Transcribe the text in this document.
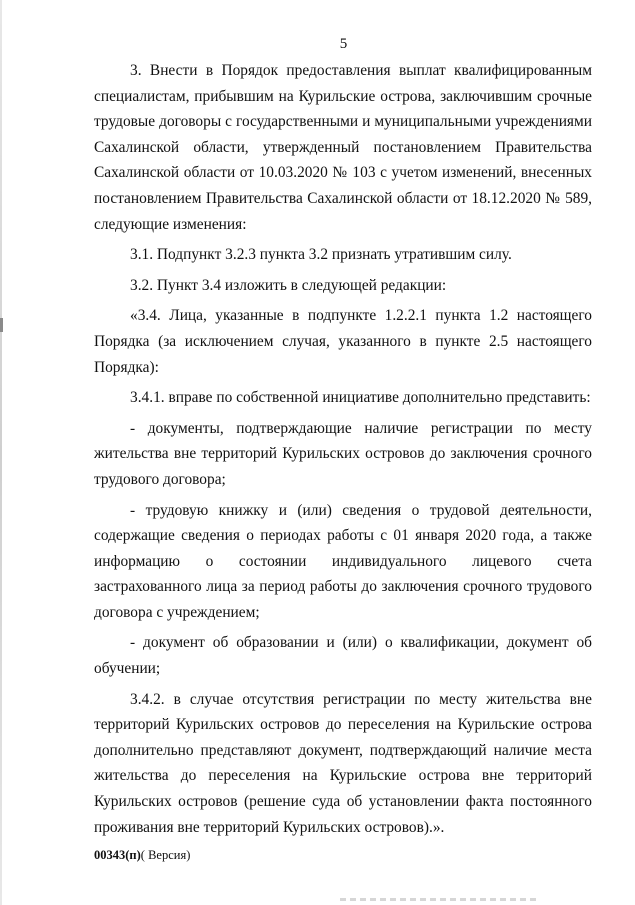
5

3. Внести в Порядок предоставления выплат квалифицированным специалистам, прибывшим на Курильские острова, заключившим срочные трудовые договоры с государственными и муниципальными учреждениями Сахалинской области, утвержденный постановлением Правительства Сахалинской области от 10.03.2020 № 103 с учетом изменений, внесенных постановлением Правительства Сахалинской области от 18.12.2020 № 589, следующие изменения:

3.1. Подпункт 3.2.3 пункта 3.2 признать утратившим силу.

3.2. Пункт 3.4 изложить в следующей редакции:

«3.4. Лица, указанные в подпункте 1.2.2.1 пункта 1.2 настоящего Порядка (за исключением случая, указанного в пункте 2.5 настоящего Порядка):

3.4.1. вправе по собственной инициативе дополнительно представить:

- документы, подтверждающие наличие регистрации по месту жительства вне территорий Курильских островов до заключения срочного трудового договора;

- трудовую книжку и (или) сведения о трудовой деятельности, содержащие сведения о периодах работы с 01 января 2020 года, а также информацию о состоянии индивидуального лицевого счета застрахованного лица за период работы до заключения срочного трудового договора с учреждением;

- документ об образовании и (или) о квалификации, документ об обучении;

3.4.2. в случае отсутствия регистрации по месту жительства вне территорий Курильских островов до переселения на Курильские острова дополнительно представляют документ, подтверждающий наличие места жительства до переселения на Курильские острова вне территорий Курильских островов (решение суда об установлении факта постоянного проживания вне территорий Курильских островов).».

00343(п)( Версия)
